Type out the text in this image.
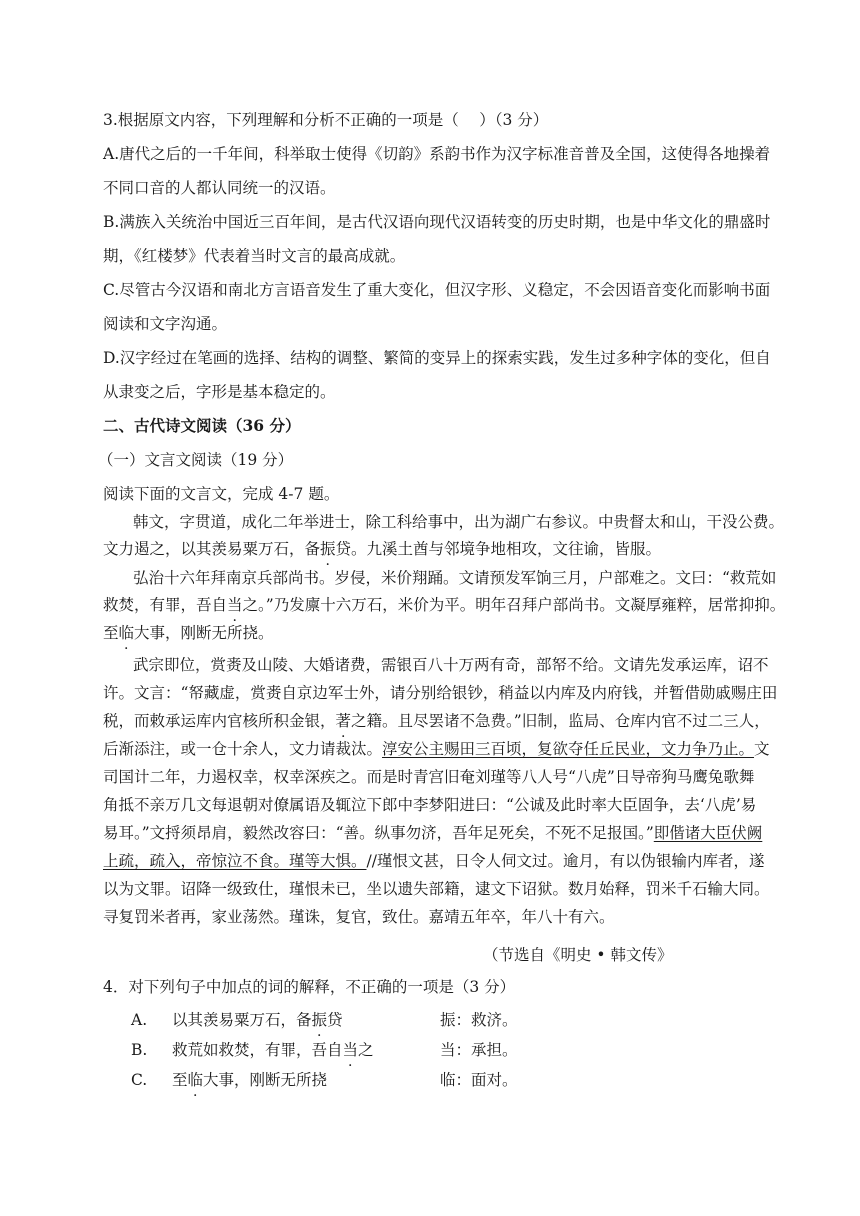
3.根据原文内容，下列理解和分析不正确的一项是（　 ）（3 分）
A.唐代之后的一千年间，科举取士使得《切韵》系韵书作为汉字标准音普及全国，这使得各地操着
不同口音的人都认同统一的汉语。
B.满族入关统治中国近三百年间，是古代汉语向现代汉语转变的历史时期，也是中华文化的鼎盛时
期，《红楼梦》代表着当时文言的最高成就。
C.尽管古今汉语和南北方言语音发生了重大变化，但汉字形、义稳定，不会因语音变化而影响书面
阅读和文字沟通。
D.汉字经过在笔画的选择、结构的调整、繁简的变异上的探索实践，发生过多种字体的变化，但自
从隶变之后，字形是基本稳定的。
二、古代诗文阅读（36 分）
（一）文言文阅读（19 分）
阅读下面的文言文，完成 4-7 题。
韩文，字贯道，成化二年举进士，除工科给事中，出为湖广右参议。中贵督太和山，干没公费。
文力遏之，以其羡易粟万石，备振贷。九溪土酋与邻境争地相攻，文往谕，皆服。
弘治十六年拜南京兵部尚书。岁侵，米价翔踊。文请预发军饷三月，户部难之。文曰：“救荒如
救焚，有罪，吾自当之。”乃发廪十六万石，米价为平。明年召拜户部尚书。文凝厚雍粹，居常抑抑。
至临大事，刚断无所挠。
武宗即位，赏赉及山陵、大婚诸费，需银百八十万两有奇，部帑不给。文请先发承运库，诏不
许。文言：“帑藏虚，赏赉自京边军士外，请分别给银钞，稍益以内库及内府钱，并暂借勋戚赐庄田
税，而敕承运库内官核所积金银，著之籍。且尽罢诸不急费。”旧制，监局、仓库内官不过二三人，
后渐添注，或一仓十余人，文力请裁汰。淳安公主赐田三百顷，复欲夺任丘民业，文力争乃止。文
司国计二年，力遏权幸，权幸深疾之。而是时青宫旧奄刘瑾等八人号“八虎”日导帝狗马鹰兔歌舞
角抵不亲万几文每退朝对僚属语及辄泣下郎中李梦阳进曰：“公诚及此时率大臣固争，去‘八虎’易
易耳。”文捋须昂肩，毅然改容曰：“善。纵事勿济，吾年足死矣，不死不足报国。”即偕诸大臣伏阙
上疏，疏入，帝惊泣不食。瑾等大惧。//瑾恨文甚，日令人伺文过。逾月，有以伪银输内库者，遂
以为文罪。诏降一级致仕，瑾恨未已，坐以遗失部籍，逮文下诏狱。数月始释，罚米千石输大同。
寻复罚米者再，家业荡然。瑾诛，复官，致仕。嘉靖五年卒，年八十有六。
（节选自《明史 • 韩文传》
4．对下列句子中加点的词的解释，不正确的一项是（3 分）
A. 以其羡易粟万石，备振贷	振：救济。
B. 救荒如救焚，有罪，吾自当之	当：承担。
C. 至临大事，刚断无所挠	临：面对。
